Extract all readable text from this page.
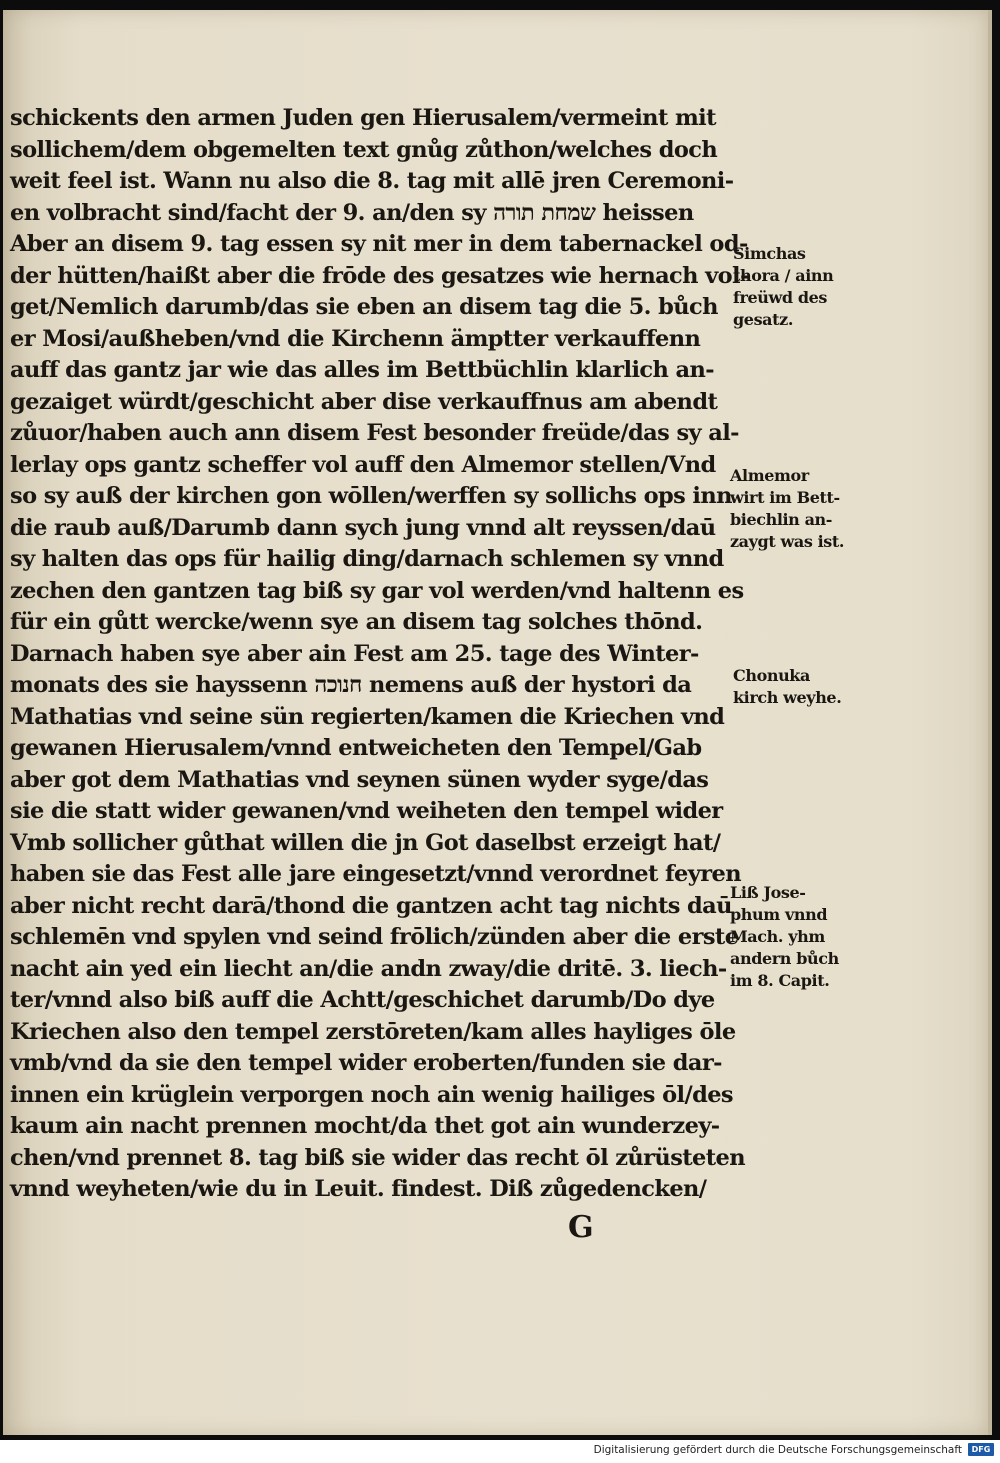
schickents den armen Juden gen Hierusalem/vermeint mit
sollichem/dem obgemelten text gnůg zůthon/welches doch
weit feel ist. Wann nu also die 8. tag mit allē jren Ceremoni-
en volbracht sind/facht der 9. an/den sy שמחת תורה heissen
Aber an disem 9. tag essen sy nit mer in dem tabernackel od-
der hütten/haißt aber die frōde des gesatzes wie hernach vol-
get/Nemlich darumb/das sie eben an disem tag die 5. bůch
er Mosi/außheben/vnd die Kirchenn ämptter verkauffenn
auff das gantz jar wie das alles im Bettbüchlin klarlich an-
gezaiget würdt/geschicht aber dise verkauffnus am abendt
zůuor/haben auch ann disem Fest besonder freüde/das sy al-
lerlay ops gantz scheffer vol auff den Almemor stellen/Vnd
so sy auß der kirchen gon wōllen/werffen sy sollichs ops inn
die raub auß/Darumb dann sych jung vnnd alt reyssen/daū
sy halten das ops für hailig ding/darnach schlemen sy vnnd
zechen den gantzen tag biß sy gar vol werden/vnd haltenn es
für ein gůtt wercke/wenn sye an disem tag solches thōnd.
Darnach haben sye aber ain Fest am 25. tage des Winter-
monats des sie hayssenn חנוכה nemens auß der hystori da
Mathatias vnd seine sün regierten/kamen die Kriechen vnd
gewanen Hierusalem/vnnd entweicheten den Tempel/Gab
aber got dem Mathatias vnd seynen sünen wyder syge/das
sie die statt wider gewanen/vnd weiheten den tempel wider
Vmb sollicher gůthat willen die jn Got daselbst erzeigt hat/
haben sie das Fest alle jare eingesetzt/vnnd verordnet feyren
aber nicht recht darā/thond die gantzen acht tag nichts daū
schlemēn vnd spylen vnd seind frōlich/zünden aber die erste
nacht ain yed ein liecht an/die andn zway/die dritē. 3. liech-
ter/vnnd also biß auff die Achtt/geschichet darumb/Do dye
Kriechen also den tempel zerstōreten/kam alles hayliges ōle
vmb/vnd da sie den tempel wider eroberten/funden sie dar-
innen ein krüglein verporgen noch ain wenig hailiges ōl/des
kaum ain nacht prennen mocht/da thet got ain wunderzey-
chen/vnd prennet 8. tag biß sie wider das recht ōl zůrüsteten
vnnd weyheten/wie du in Leuit. findest. Diß zůgedencken/
Simchas
thora / ainn
freüwd des
gesatz.
Almemor
wirt im Bett-
biechlin an-
zaygt was ist.
Chonuka
kirch weyhe.
Liß Jose-
phum vnnd
Mach. yhm
andern bůch
im 8. Capit.
G
Digitalisierung gefördert durch die Deutsche Forschungsgemeinschaft	DFG
